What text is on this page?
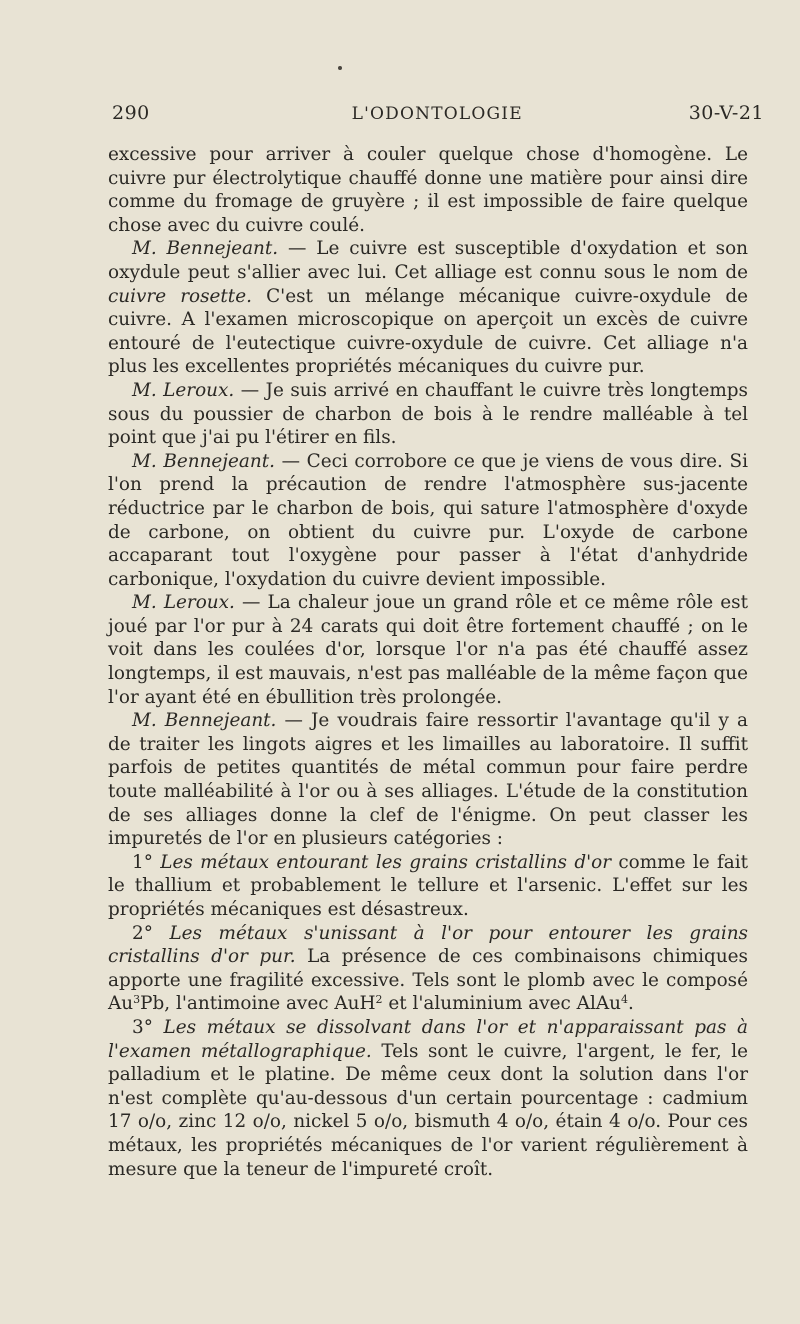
290	L'ODONTOLOGIE	30-V-21

excessive pour arriver à couler quelque chose d'homogène. Le cuivre pur électrolytique chauffé donne une matière pour ainsi dire comme du fromage de gruyère ; il est impossible de faire quelque chose avec du cuivre coulé.

M. Bennejeant. — Le cuivre est susceptible d'oxydation et son oxydule peut s'allier avec lui. Cet alliage est connu sous le nom de cuivre rosette. C'est un mélange mécanique cuivre-oxydule de cuivre. A l'examen microscopique on aperçoit un excès de cuivre entouré de l'eutectique cuivre-oxydule de cuivre. Cet alliage n'a plus les excellentes propriétés mécaniques du cuivre pur.

M. Leroux. — Je suis arrivé en chauffant le cuivre très longtemps sous du poussier de charbon de bois à le rendre malléable à tel point que j'ai pu l'étirer en fils.

M. Bennejeant. — Ceci corrobore ce que je viens de vous dire. Si l'on prend la précaution de rendre l'atmosphère sus-jacente réductrice par le charbon de bois, qui sature l'atmosphère d'oxyde de carbone, on obtient du cuivre pur. L'oxyde de carbone accaparant tout l'oxygène pour passer à l'état d'anhydride carbonique, l'oxydation du cuivre devient impossible.

M. Leroux. — La chaleur joue un grand rôle et ce même rôle est joué par l'or pur à 24 carats qui doit être fortement chauffé ; on le voit dans les coulées d'or, lorsque l'or n'a pas été chauffé assez longtemps, il est mauvais, n'est pas malléable de la même façon que l'or ayant été en ébullition très prolongée.

M. Bennejeant. — Je voudrais faire ressortir l'avantage qu'il y a de traiter les lingots aigres et les limailles au laboratoire. Il suffit parfois de petites quantités de métal commun pour faire perdre toute malléabilité à l'or ou à ses alliages. L'étude de la constitution de ses alliages donne la clef de l'énigme. On peut classer les impuretés de l'or en plusieurs catégories :

1° Les métaux entourant les grains cristallins d'or comme le fait le thallium et probablement le tellure et l'arsenic. L'effet sur les propriétés mécaniques est désastreux.

2° Les métaux s'unissant à l'or pour entourer les grains cristallins d'or pur. La présence de ces combinaisons chimiques apporte une fragilité excessive. Tels sont le plomb avec le composé Au$^3$Pb, l'antimoine avec AuH$^2$ et l'aluminium avec AlAu$^4$.

3° Les métaux se dissolvant dans l'or et n'apparaissant pas à l'examen métallographique. Tels sont le cuivre, l'argent, le fer, le palladium et le platine. De même ceux dont la solution dans l'or n'est complète qu'au-dessous d'un certain pourcentage : cadmium 17 o/o, zinc 12 o/o, nickel 5 o/o, bismuth 4 o/o, étain 4 o/o. Pour ces métaux, les propriétés mécaniques de l'or varient régulièrement à mesure que la teneur de l'impureté croît.
